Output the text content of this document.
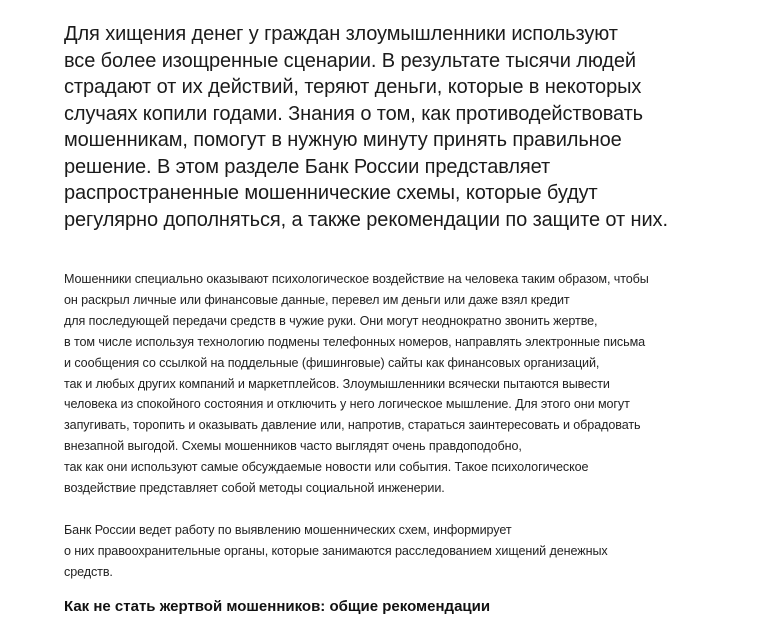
Для хищения денег у граждан злоумышленники используют
все более изощренные сценарии. В результате тысячи людей
страдают от их действий, теряют деньги, которые в некоторых
случаях копили годами. Знания о том, как противодействовать
мошенникам, помогут в нужную минуту принять правильное
решение. В этом разделе Банк России представляет
распространенные мошеннические схемы, которые будут
регулярно дополняться, а также рекомендации по защите от них.

Мошенники специально оказывают психологическое воздействие на человека таким образом, чтобы
он раскрыл личные или финансовые данные, перевел им деньги или даже взял кредит
для последующей передачи средств в чужие руки. Они могут неоднократно звонить жертве,
в том числе используя технологию подмены телефонных номеров, направлять электронные письма
и сообщения со ссылкой на поддельные (фишинговые) сайты как финансовых организаций,
так и любых других компаний и маркетплейсов. Злоумышленники всячески пытаются вывести
человека из спокойного состояния и отключить у него логическое мышление. Для этого они могут
запугивать, торопить и оказывать давление или, напротив, стараться заинтересовать и обрадовать
внезапной выгодой. Схемы мошенников часто выглядят очень правдоподобно,
так как они используют самые обсуждаемые новости или события. Такое психологическое
воздействие представляет собой методы социальной инженерии.
Банк России ведет работу по выявлению мошеннических схем, информирует
о них правоохранительные органы, которые занимаются расследованием хищений денежных
средств.
Как не стать жертвой мошенников: общие рекомендации
